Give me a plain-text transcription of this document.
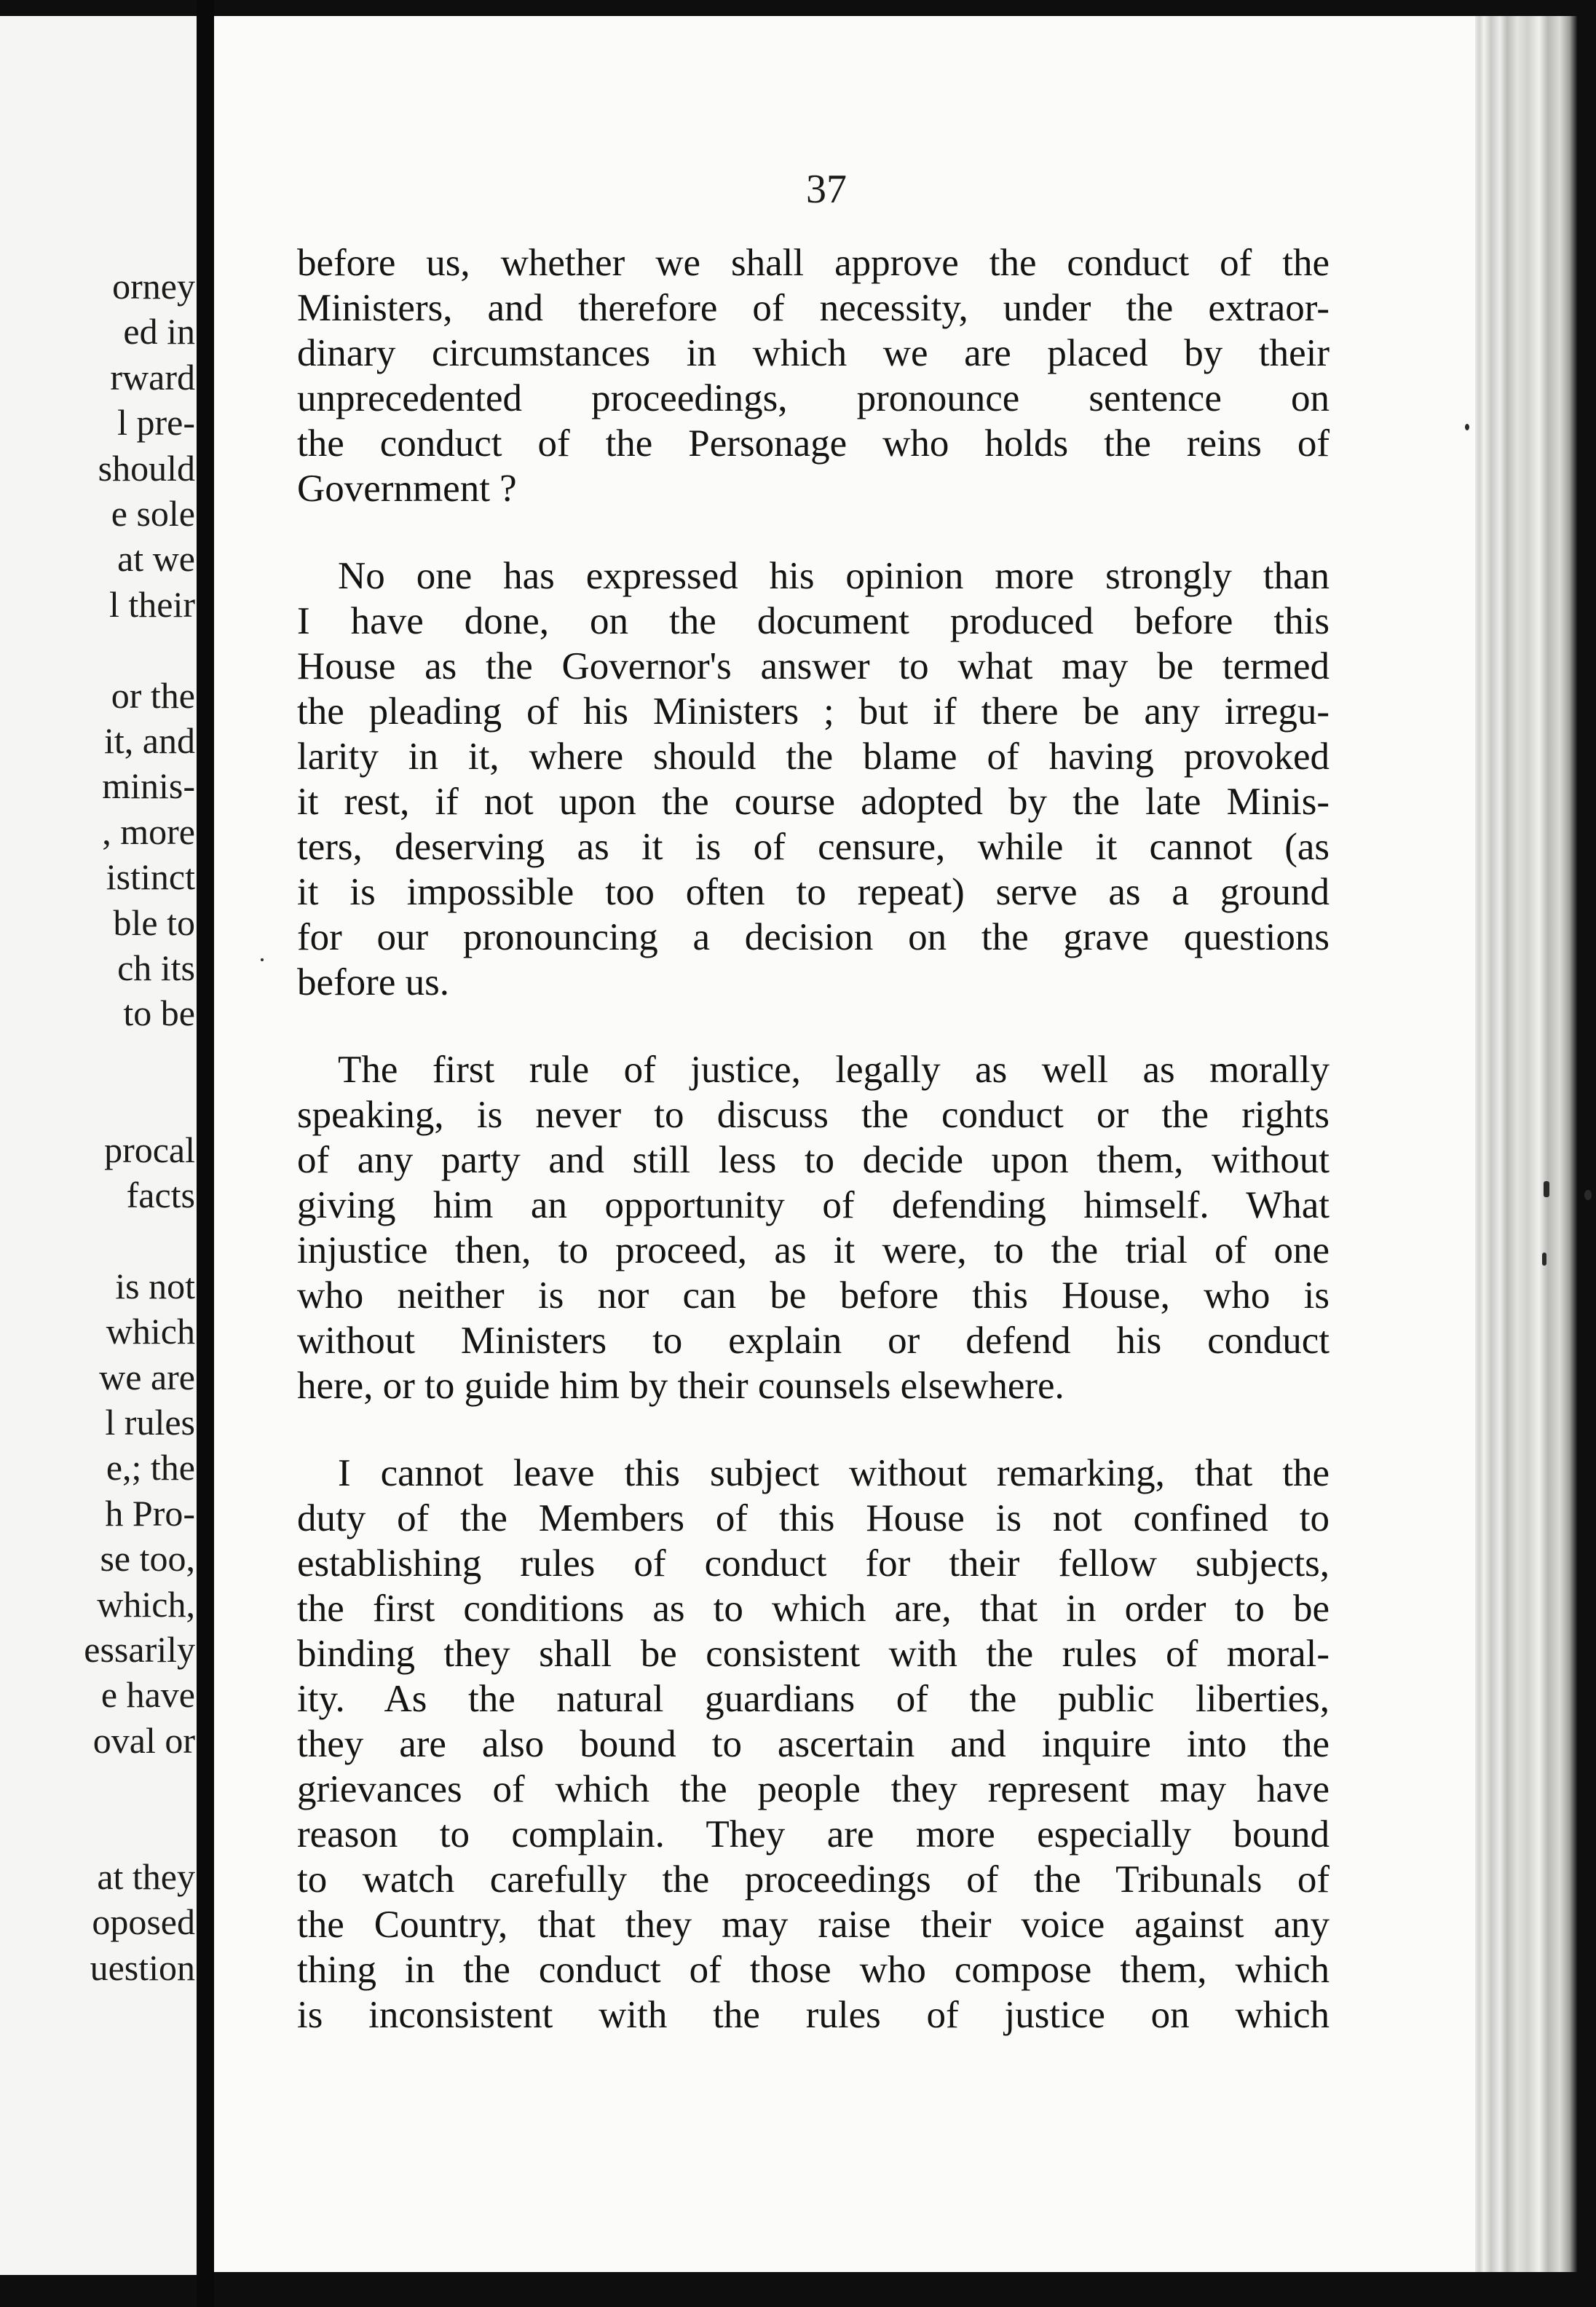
orney
ed in
rward
l pre-
should
e sole
at we
l their
or the
it, and
minis-
, more
istinct
ble to
ch its
to be
procal
facts
is not
which
we are
l rules
e,; the
h Pro-
se too,
which,
essarily
e have
oval or
at they
oposed
uestion
37
before us, whether we shall approve the conduct of the
Ministers, and therefore of necessity, under the extraor-
dinary circumstances in which we are placed by their
unprecedented proceedings, pronounce sentence on
the conduct of the Personage who holds the reins of
Government ?
No one has expressed his opinion more strongly than
I have done, on the document produced before this
House as the Governor's answer to what may be termed
the pleading of his Ministers ; but if there be any irregu-
larity in it, where should the blame of having provoked
it rest, if not upon the course adopted by the late Minis-
ters, deserving as it is of censure, while it cannot (as
it is impossible too often to repeat) serve as a ground
for our pronouncing a decision on the grave questions
before us.
The first rule of justice, legally as well as morally
speaking, is never to discuss the conduct or the rights
of any party and still less to decide upon them, without
giving him an opportunity of defending himself. What
injustice then, to proceed, as it were, to the trial of one
who neither is nor can be before this House, who is
without Ministers to explain or defend his conduct
here, or to guide him by their counsels elsewhere.
I cannot leave this subject without remarking, that the
duty of the Members of this House is not confined to
establishing rules of conduct for their fellow subjects,
the first conditions as to which are, that in order to be
binding they shall be consistent with the rules of moral-
ity. As the natural guardians of the public liberties,
they are also bound to ascertain and inquire into the
grievances of which the people they represent may have
reason to complain. They are more especially bound
to watch carefully the proceedings of the Tribunals of
the Country, that they may raise their voice against any
thing in the conduct of those who compose them, which
is inconsistent with the rules of justice on which
